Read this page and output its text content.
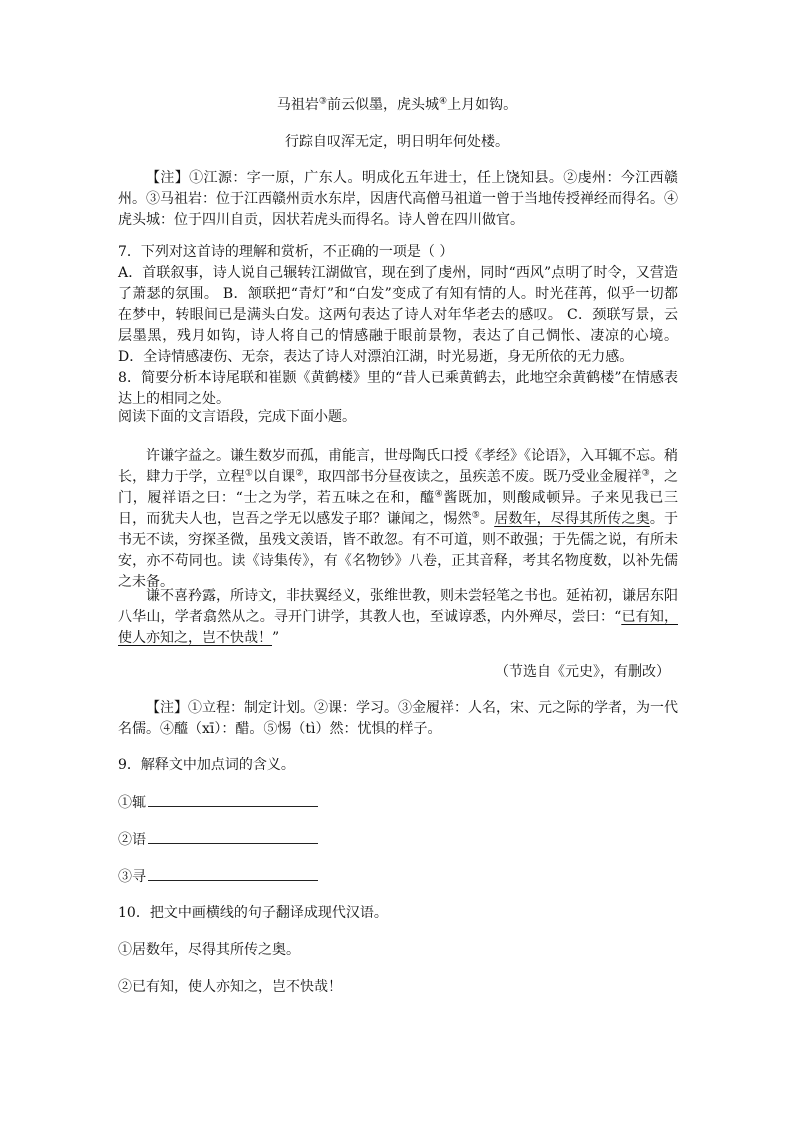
马祖岩③前云似墨，虎头城④上月如钩。
行踪自叹浑无定，明日明年何处楼。
【注】①江源：字一原，广东人。明成化五年进士，任上饶知县。②虔州：今江西赣州。③马祖岩：位于江西赣州贡水东岸，因唐代高僧马祖道一曾于当地传授禅经而得名。④虎头城：位于四川自贡，因状若虎头而得名。诗人曾在四川做官。
7．下列对这首诗的理解和赏析，不正确的一项是（ ）
A．首联叙事，诗人说自己辗转江湖做官，现在到了虔州，同时“西风”点明了时令，又营造了萧瑟的氛围。 B．颔联把“青灯”和“白发”变成了有知有情的人。时光荏苒，似乎一切都在梦中，转眼间已是满头白发。这两句表达了诗人对年华老去的感叹。 C．颈联写景，云层墨黑，残月如钩，诗人将自己的情感融于眼前景物，表达了自己惆怅、凄凉的心境。 D．全诗情感凄伤、无奈，表达了诗人对漂泊江湖，时光易逝，身无所依的无力感。
8．简要分析本诗尾联和崔颢《黄鹤楼》里的“昔人已乘黄鹤去，此地空余黄鹤楼”在情感表达上的相同之处。
阅读下面的文言语段，完成下面小题。
许谦字益之。谦生数岁而孤，甫能言，世母陶氏口授《孝经》《论语》，入耳辄不忘。稍长，肆力于学，立程①以自课②，取四部书分昼夜读之，虽疾恙不废。既乃受业金履祥③，之门，履祥语之曰：“士之为学，若五味之在和，醯④酱既加，则酸咸顿异。子来见我已三日，而犹夫人也，岂吾之学无以感发子耶？谦闻之，惕然⑤。居数年，尽得其所传之奥。于书无不读，穷探圣微，虽残文羡语，皆不敢忽。有不可道，则不敢强；于先儒之说，有所未安，亦不苟同也。读《诗集传》，有《名物钞》八卷，正其音释，考其名物度数，以补先儒之未备。
谦不喜矜露，所诗文，非扶翼经义，张维世教，则未尝轻笔之书也。延祐初，谦居东阳八华山，学者翕然从之。寻开门讲学，其教人也，至诚谆悉，内外殚尽，尝曰：“已有知，使人亦知之，岂不快哉！”
（节选自《元史》，有删改）
【注】①立程：制定计划。②课：学习。③金履祥：人名，宋、元之际的学者，为一代名儒。④醯（xī）：醋。⑤惕（tì）然：忧惧的样子。
9．解释文中加点词的含义。
①辄
②语
③寻
10．把文中画横线的句子翻译成现代汉语。
①居数年，尽得其所传之奥。
②已有知，使人亦知之，岂不快哉！
